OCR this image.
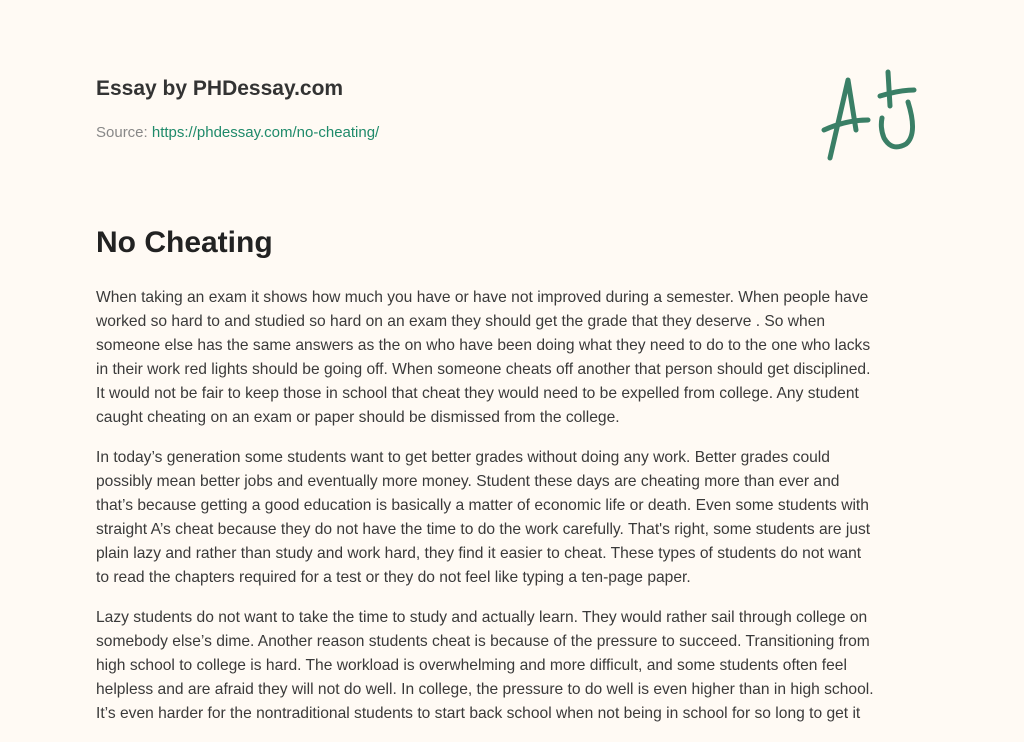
Essay by PHDessay.com
Source: https://phdessay.com/no-cheating/
No Cheating

When taking an exam it shows how much you have or have not improved during a semester. When people have
worked so hard to and studied so hard on an exam they should get the grade that they deserve . So when
someone else has the same answers as the on who have been doing what they need to do to the one who lacks
in their work red lights should be going off. When someone cheats off another that person should get disciplined.
It would not be fair to keep those in school that cheat they would need to be expelled from college. Any student
caught cheating on an exam or paper should be dismissed from the college.

In today’s generation some students want to get better grades without doing any work. Better grades could
possibly mean better jobs and eventually more money. Student these days are cheating more than ever and
that’s because getting a good education is basically a matter of economic life or death. Even some students with
straight A’s cheat because they do not have the time to do the work carefully. That's right, some students are just
plain lazy and rather than study and work hard, they find it easier to cheat. These types of students do not want
to read the chapters required for a test or they do not feel like typing a ten-page paper.

Lazy students do not want to take the time to study and actually learn. They would rather sail through college on
somebody else’s dime. Another reason students cheat is because of the pressure to succeed. Transitioning from
high school to college is hard. The workload is overwhelming and more difficult, and some students often feel
helpless and are afraid they will not do well. In college, the pressure to do well is even higher than in high school.
It’s even harder for the nontraditional students to start back school when not being in school for so long to get it
